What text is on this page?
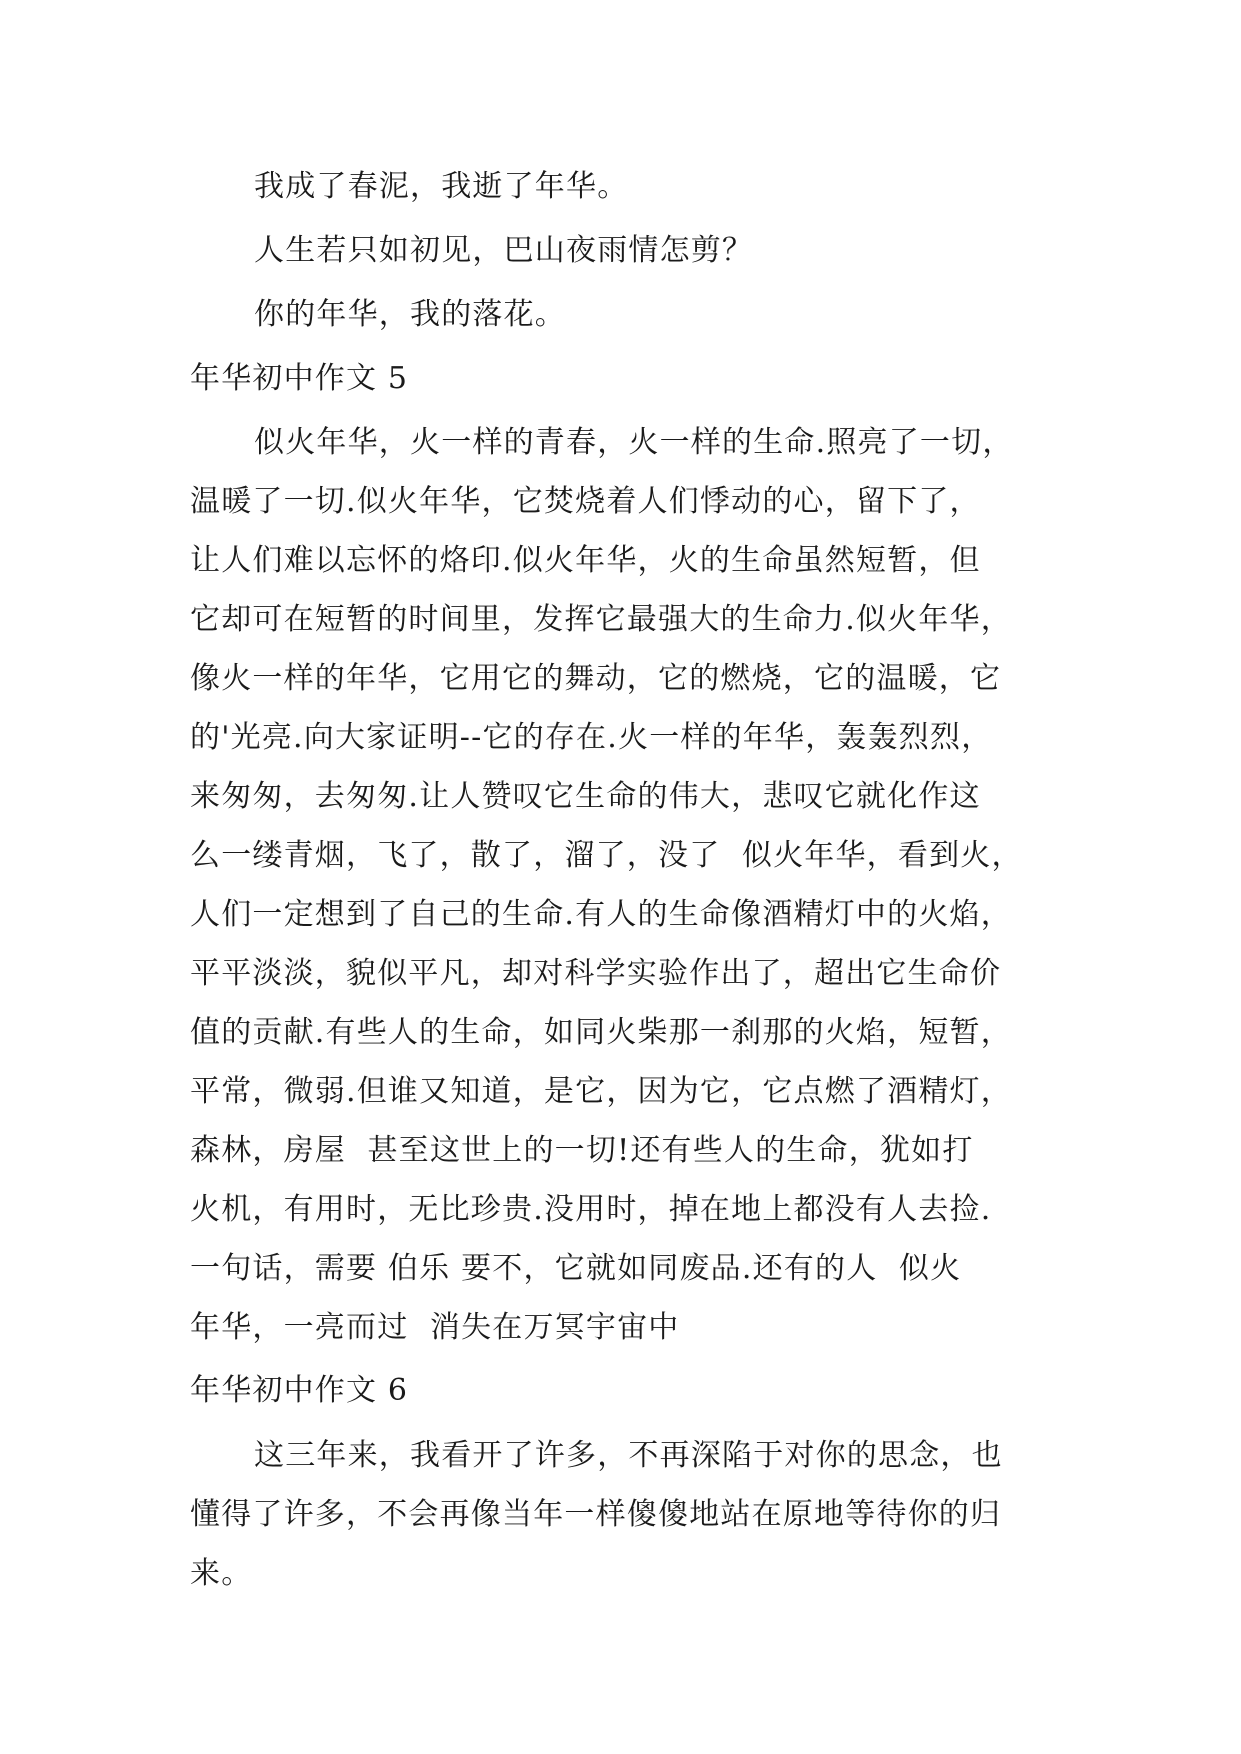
我成了春泥，我逝了年华。
人生若只如初见，巴山夜雨情怎剪？
你的年华，我的落花。
年华初中作文 5
似火年华，火一样的青春，火一样的生命.照亮了一切，
温暖了一切.似火年华，它焚烧着人们悸动的心，留下了，
让人们难以忘怀的烙印.似火年华，火的生命虽然短暂，但
它却可在短暂的时间里，发挥它最强大的生命力.似火年华，
像火一样的年华，它用它的舞动，它的燃烧，它的温暖，它
的'光亮.向大家证明--它的存在.火一样的年华，轰轰烈烈，
来匆匆，去匆匆.让人赞叹它生命的伟大，悲叹它就化作这
么一缕青烟，飞了，散了，溜了，没了  似火年华，看到火，
人们一定想到了自己的生命.有人的生命像酒精灯中的火焰，
平平淡淡，貌似平凡，却对科学实验作出了，超出它生命价
值的贡献.有些人的生命，如同火柴那一刹那的火焰，短暂，
平常，微弱.但谁又知道，是它，因为它，它点燃了酒精灯，
森林，房屋  甚至这世上的一切!还有些人的生命，犹如打
火机，有用时，无比珍贵.没用时，掉在地上都没有人去捡.
一句话，需要 伯乐 要不，它就如同废品.还有的人  似火
年华，一亮而过  消失在万冥宇宙中
年华初中作文 6
这三年来，我看开了许多，不再深陷于对你的思念，也
懂得了许多，不会再像当年一样傻傻地站在原地等待你的归
来。
